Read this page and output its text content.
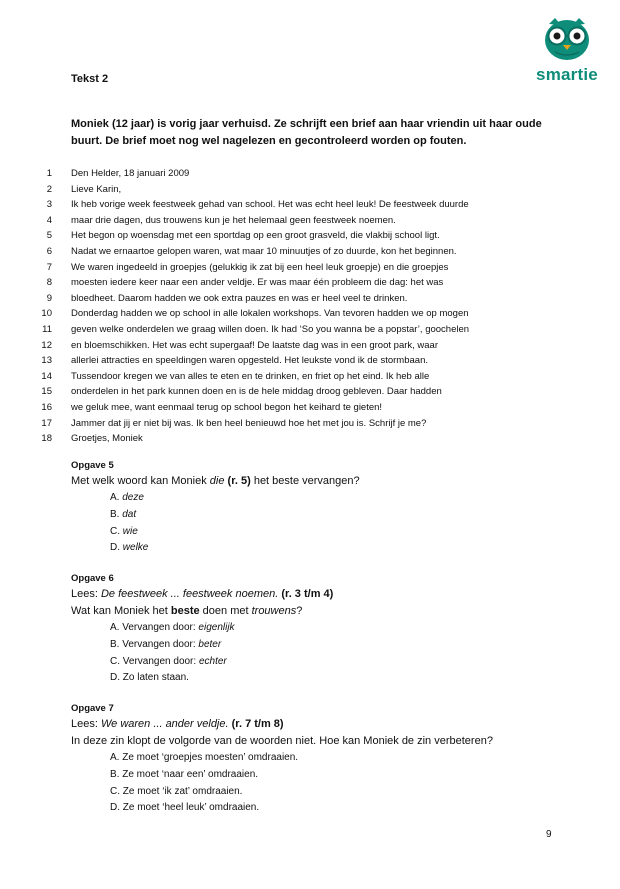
smartie
Tekst 2
Moniek (12 jaar) is vorig jaar verhuisd. Ze schrijft een brief aan haar vriendin uit haar oude buurt. De brief moet nog wel nagelezen en gecontroleerd worden op fouten.
1 Den Helder, 18 januari 2009
2 Lieve Karin,
3 Ik heb vorige week feestweek gehad van school. Het was echt heel leuk! De feestweek duurde
4 maar drie dagen, dus trouwens kun je het helemaal geen feestweek noemen.
5 Het begon op woensdag met een sportdag op een groot grasveld, die vlakbij school ligt.
6 Nadat we ernaartoe gelopen waren, wat maar 10 minuutjes of zo duurde, kon het beginnen.
7 We waren ingedeeld in groepjes (gelukkig ik zat bij een heel leuk groepje) en die groepjes
8 moesten iedere keer naar een ander veldje. Er was maar één probleem die dag: het was
9 bloedheet. Daarom hadden we ook extra pauzes en was er heel veel te drinken.
10 Donderdag hadden we op school in alle lokalen workshops. Van tevoren hadden we op mogen
11 geven welke onderdelen we graag willen doen. Ik had ‘So you wanna be a popstar’, goochelen
12 en bloemschikken. Het was echt supergaaf! De laatste dag was in een groot park, waar
13 allerlei attracties en speeldingen waren opgesteld. Het leukste vond ik de stormbaan.
14 Tussendoor kregen we van alles te eten en te drinken, en friet op het eind. Ik heb alle
15 onderdelen in het park kunnen doen en is de hele middag droog gebleven. Daar hadden
16 we geluk mee, want eenmaal terug op school begon het keihard te gieten!
17 Jammer dat jij er niet bij was. Ik ben heel benieuwd hoe het met jou is. Schrijf je me?
18 Groetjes, Moniek
Opgave 5
Met welk woord kan Moniek die (r. 5) het beste vervangen?
A. deze
B. dat
C. wie
D. welke
Opgave 6
Lees: De feestweek ... feestweek noemen. (r. 3 t/m 4)
Wat kan Moniek het beste doen met trouwens?
A. Vervangen door: eigenlijk
B. Vervangen door: beter
C. Vervangen door: echter
D. Zo laten staan.
Opgave 7
Lees: We waren ... ander veldje. (r. 7 t/m 8)
In deze zin klopt de volgorde van de woorden niet. Hoe kan Moniek de zin verbeteren?
A. Ze moet ‘groepjes moesten’ omdraaien.
B. Ze moet ‘naar een’ omdraaien.
C. Ze moet ‘ik zat’ omdraaien.
D. Ze moet ‘heel leuk’ omdraaien.
9
